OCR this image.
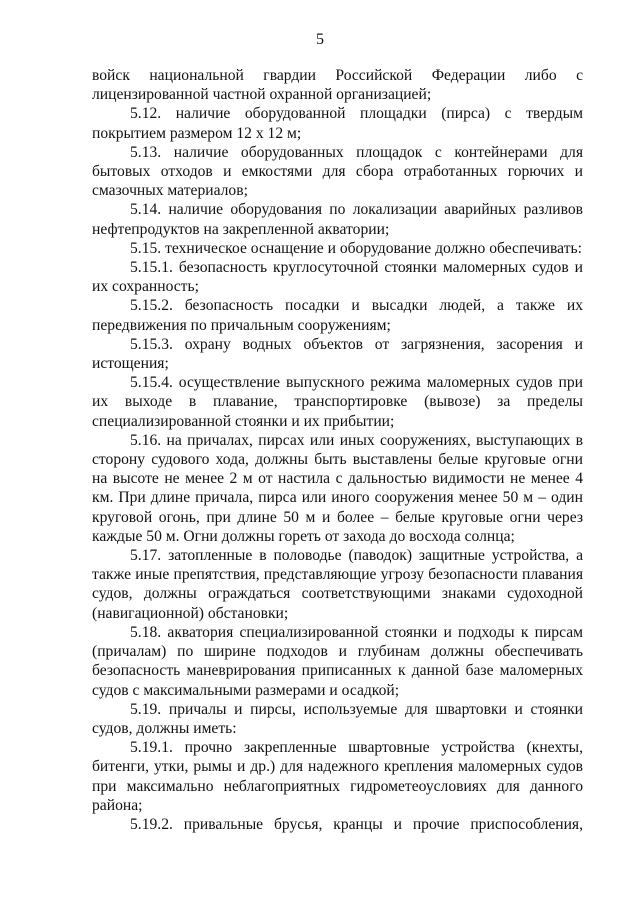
5

войск национальной гвардии Российской Федерации либо с лицензированной частной охранной организацией;

5.12. наличие оборудованной площадки (пирса) с твердым покрытием размером 12 x 12 м;

5.13. наличие оборудованных площадок с контейнерами для бытовых отходов и емкостями для сбора отработанных горючих и смазочных материалов;

5.14. наличие оборудования по локализации аварийных разливов нефтепродуктов на закрепленной акватории;

5.15. техническое оснащение и оборудование должно обеспечивать:

5.15.1. безопасность круглосуточной стоянки маломерных судов и их сохранность;

5.15.2. безопасность посадки и высадки людей, а также их передвижения по причальным сооружениям;

5.15.3. охрану водных объектов от загрязнения, засорения и истощения;

5.15.4. осуществление выпускного режима маломерных судов при их выходе в плавание, транспортировке (вывозе) за пределы специализированной стоянки и их прибытии;

5.16. на причалах, пирсах или иных сооружениях, выступающих в сторону судового хода, должны быть выставлены белые круговые огни на высоте не менее 2 м от настила с дальностью видимости не менее 4 км. При длине причала, пирса или иного сооружения менее 50 м – один круговой огонь, при длине 50 м и более – белые круговые огни через каждые 50 м. Огни должны гореть от захода до восхода солнца;

5.17. затопленные в половодье (паводок) защитные устройства, а также иные препятствия, представляющие угрозу безопасности плавания судов, должны ограждаться соответствующими знаками судоходной (навигационной) обстановки;

5.18. акватория специализированной стоянки и подходы к пирсам (причалам) по ширине подходов и глубинам должны обеспечивать безопасность маневрирования приписанных к данной базе маломерных судов с максимальными размерами и осадкой;

5.19. причалы и пирсы, используемые для швартовки и стоянки судов, должны иметь:

5.19.1. прочно закрепленные швартовные устройства (кнехты, битенги, утки, рымы и др.) для надежного крепления маломерных судов при максимально неблагоприятных гидрометеоусловиях для данного района;

5.19.2. привальные брусья, кранцы и прочие приспособления,
